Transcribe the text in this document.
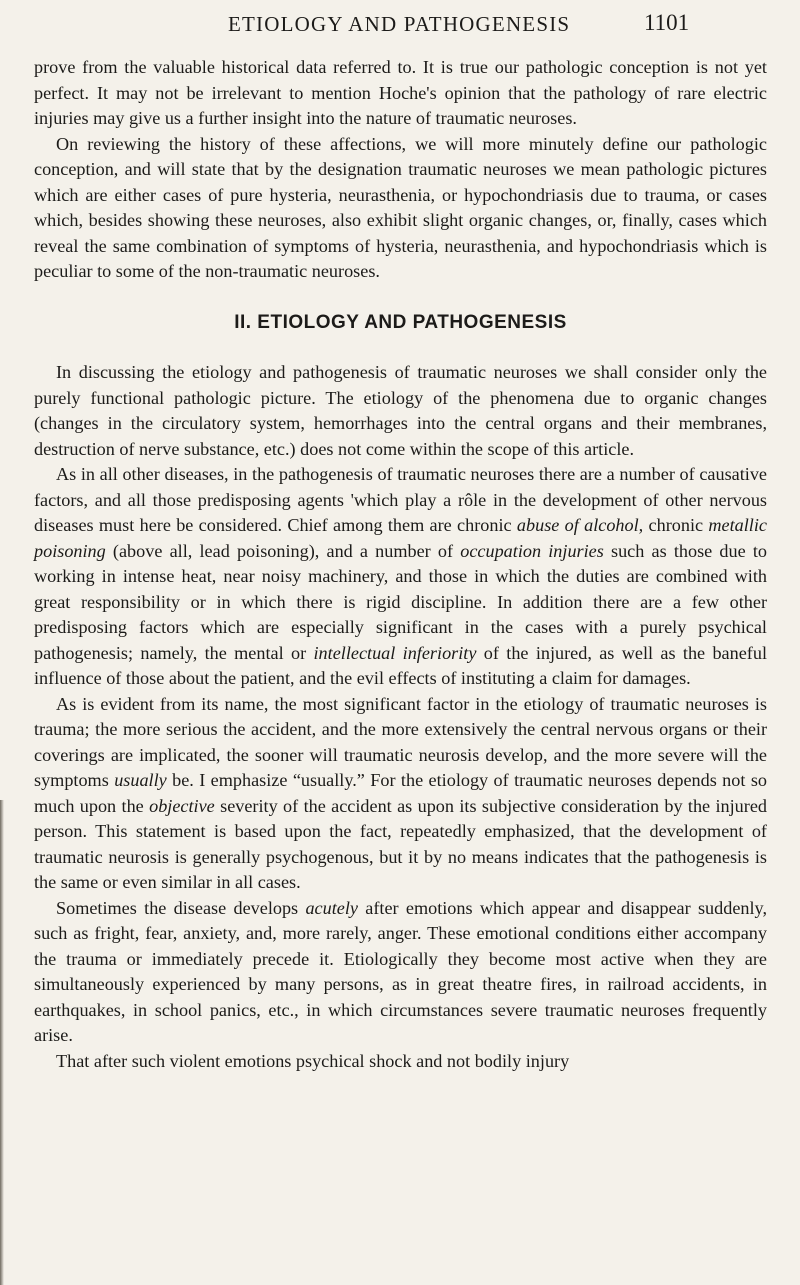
ETIOLOGY AND PATHOGENESIS	1101

prove from the valuable historical data referred to. It is true our pathologic conception is not yet perfect. It may not be irrelevant to mention Hoche's opinion that the pathology of rare electric injuries may give us a further insight into the nature of traumatic neuroses.

On reviewing the history of these affections, we will more minutely define our pathologic conception, and will state that by the designation traumatic neuroses we mean pathologic pictures which are either cases of pure hysteria, neurasthenia, or hypochondriasis due to trauma, or cases which, besides showing these neuroses, also exhibit slight organic changes, or, finally, cases which reveal the same combination of symptoms of hysteria, neurasthenia, and hypochondriasis which is peculiar to some of the non-traumatic neuroses.

II. ETIOLOGY AND PATHOGENESIS

In discussing the etiology and pathogenesis of traumatic neuroses we shall consider only the purely functional pathologic picture. The etiology of the phenomena due to organic changes (changes in the circulatory system, hemorrhages into the central organs and their membranes, destruction of nerve substance, etc.) does not come within the scope of this article.

As in all other diseases, in the pathogenesis of traumatic neuroses there are a number of causative factors, and all those predisposing agents 'which play a rôle in the development of other nervous diseases must here be considered. Chief among them are chronic abuse of alcohol, chronic metallic poisoning (above all, lead poisoning), and a number of occupation injuries such as those due to working in intense heat, near noisy machinery, and those in which the duties are combined with great responsibility or in which there is rigid discipline. In addition there are a few other predisposing factors which are especially significant in the cases with a purely psychical pathogenesis; namely, the mental or intellectual inferiority of the injured, as well as the baneful influence of those about the patient, and the evil effects of instituting a claim for damages.

As is evident from its name, the most significant factor in the etiology of traumatic neuroses is trauma; the more serious the accident, and the more extensively the central nervous organs or their coverings are implicated, the sooner will traumatic neurosis develop, and the more severe will the symptoms usually be. I emphasize “usually.” For the etiology of traumatic neuroses depends not so much upon the objective severity of the accident as upon its subjective consideration by the injured person. This statement is based upon the fact, repeatedly emphasized, that the development of traumatic neurosis is generally psychogenous, but it by no means indicates that the pathogenesis is the same or even similar in all cases.

Sometimes the disease develops acutely after emotions which appear and disappear suddenly, such as fright, fear, anxiety, and, more rarely, anger. These emotional conditions either accompany the trauma or immediately precede it. Etiologically they become most active when they are simultaneously experienced by many persons, as in great theatre fires, in railroad accidents, in earthquakes, in school panics, etc., in which circumstances severe traumatic neuroses frequently arise.

That after such violent emotions psychical shock and not bodily injury
